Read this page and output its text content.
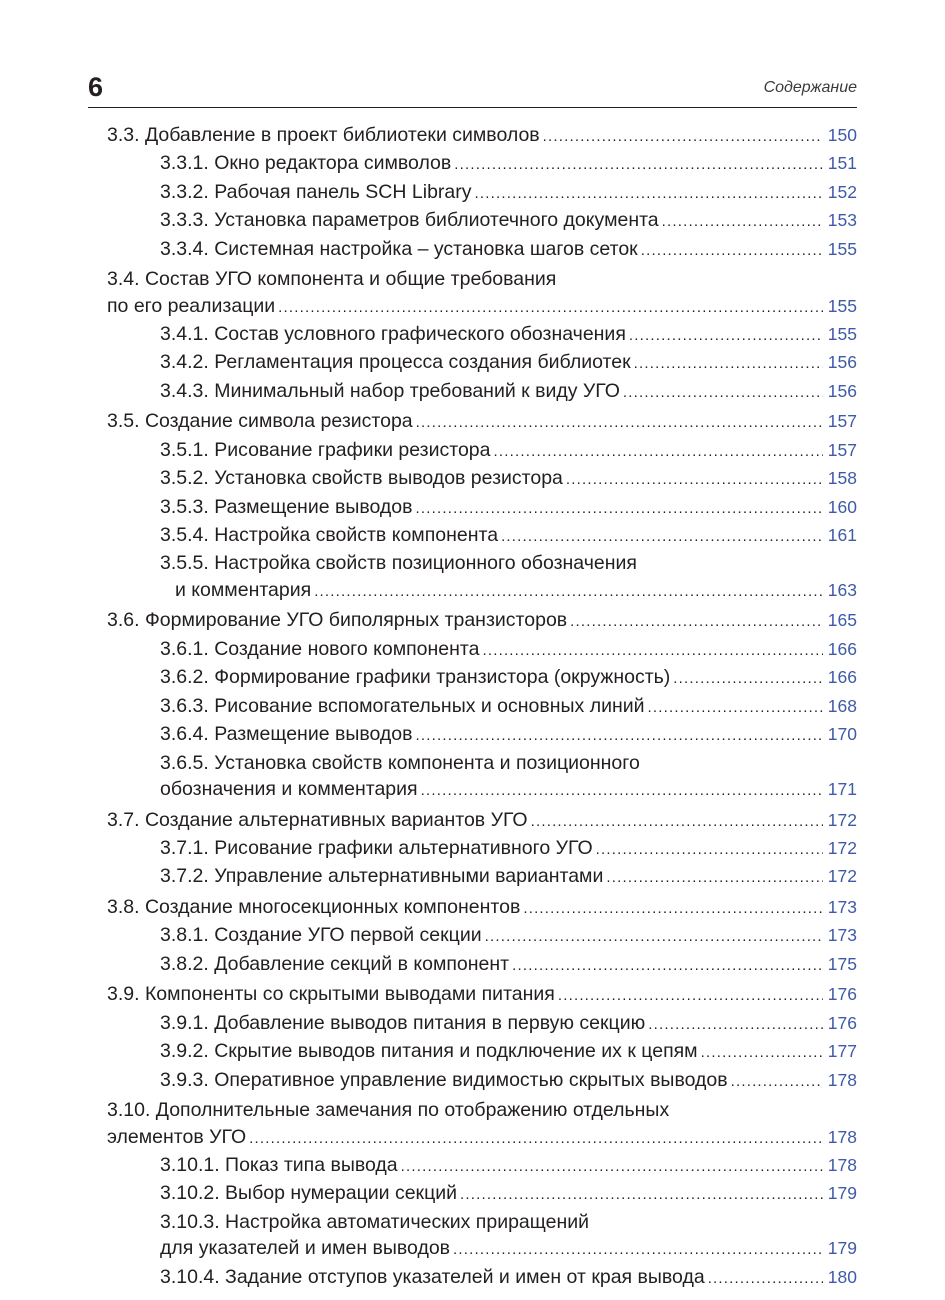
6	Содержание
3.3. Добавление в проект библиотеки символов .....	150
3.3.1. Окно редактора символов .....	151
3.3.2. Рабочая панель SCH Library .....	152
3.3.3. Установка параметров библиотечного документа .....	153
3.3.4. Системная настройка – установка шагов сеток .....	155
3.4. Состав УГО компонента и общие требования
по его реализации .....	155
3.4.1. Состав условного графического обозначения .....	155
3.4.2. Регламентация процесса создания библиотек .....	156
3.4.3. Минимальный набор требований к виду УГО .....	156
3.5. Создание символа резистора .....	157
3.5.1. Рисование графики резистора .....	157
3.5.2. Установка свойств выводов резистора .....	158
3.5.3. Размещение выводов .....	160
3.5.4. Настройка свойств компонента .....	161
3.5.5. Настройка свойств позиционного обозначения
и комментария .....	163
3.6. Формирование УГО биполярных транзисторов .....	165
3.6.1. Создание нового компонента .....	166
3.6.2. Формирование графики транзистора (окружность) .....	166
3.6.3. Рисование вспомогательных и основных линий .....	168
3.6.4. Размещение выводов .....	170
3.6.5. Установка свойств компонента и позиционного
обозначения и комментария .....	171
3.7. Создание альтернативных вариантов УГО .....	172
3.7.1. Рисование графики альтернативного УГО .....	172
3.7.2. Управление альтернативными вариантами .....	172
3.8. Создание многосекционных компонентов .....	173
3.8.1. Создание УГО первой секции .....	173
3.8.2. Добавление секций в компонент .....	175
3.9. Компоненты со скрытыми выводами питания .....	176
3.9.1. Добавление выводов питания в первую секцию .....	176
3.9.2. Скрытие выводов питания и подключение их к цепям .....	177
3.9.3. Оперативное управление видимостью скрытых выводов .....	178
3.10. Дополнительные замечания по отображению отдельных
элементов УГО .....	178
3.10.1. Показ типа вывода .....	178
3.10.2. Выбор нумерации секций .....	179
3.10.3. Настройка автоматических приращений
для указателей и имен выводов .....	179
3.10.4. Задание отступов указателей и имен от края вывода .....	180
